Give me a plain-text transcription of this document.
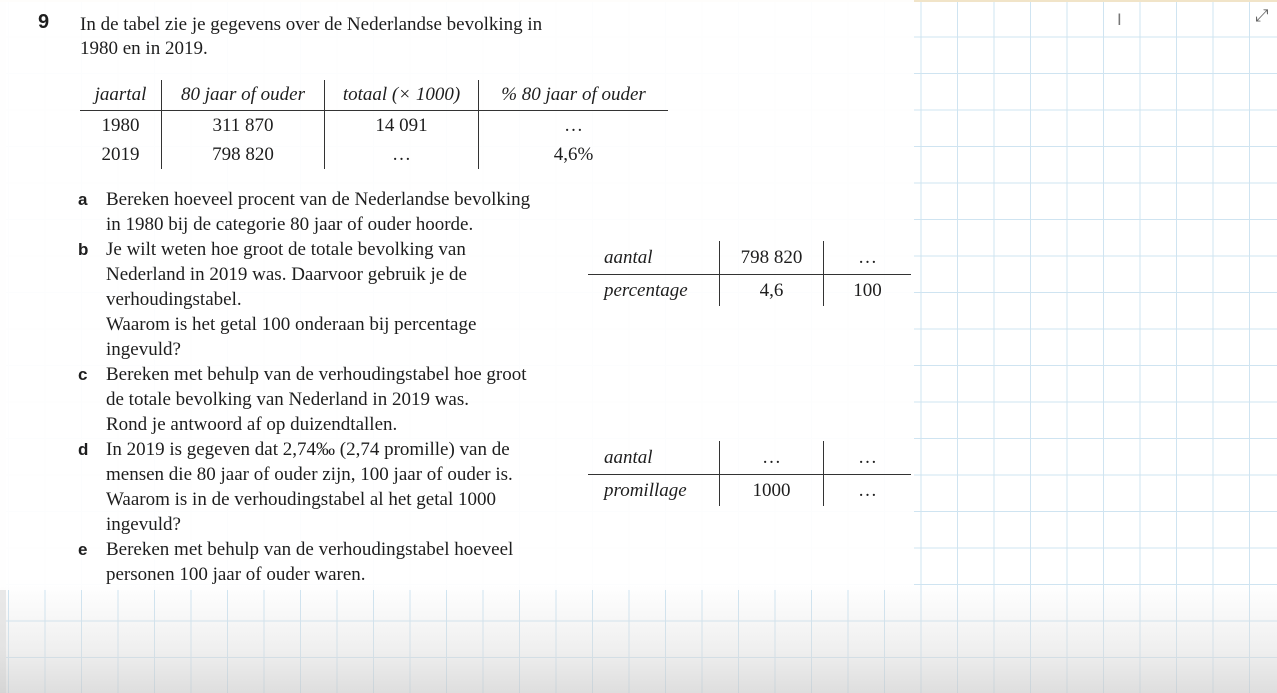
9	In de tabel zie je gegevens over de Nederlandse bevolking in
1980 en in 2019.
jaartal	80 jaar of ouder	totaal (× 1000)	% 80 jaar of ouder
1980	311 870	14 091	…
2019	798 820	…	4,6%
a Bereken hoeveel procent van de Nederlandse bevolking
in 1980 bij de categorie 80 jaar of ouder hoorde.
b Je wilt weten hoe groot de totale bevolking van
Nederland in 2019 was. Daarvoor gebruik je de
verhoudingstabel.
Waarom is het getal 100 onderaan bij percentage
ingevuld?
c Bereken met behulp van de verhoudingstabel hoe groot
de totale bevolking van Nederland in 2019 was.
Rond je antwoord af op duizendtallen.
d In 2019 is gegeven dat 2,74‰ (2,74 promille) van de
mensen die 80 jaar of ouder zijn, 100 jaar of ouder is.
Waarom is in de verhoudingstabel al het getal 1000
ingevuld?
e Bereken met behulp van de verhoudingstabel hoeveel
personen 100 jaar of ouder waren.
aantal	798 820	…
percentage	4,6	100
aantal	…	…
promillage	1000	…
I	⤢
